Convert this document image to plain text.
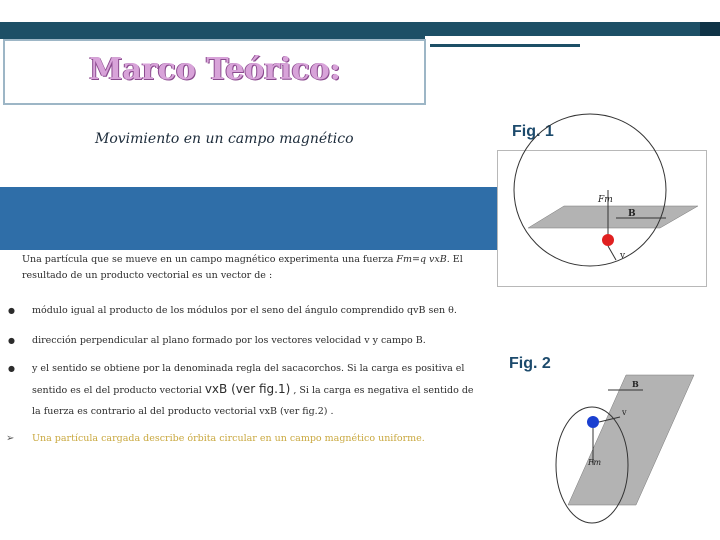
Marco Teórico:
Movimiento en un campo magnético
Una partícula que se mueve en un campo magnético experimenta una fuerza Fm=q vxB. El resultado de un producto vectorial es un vector de :
● módulo igual al producto de los módulos por el seno del ángulo comprendido qvB sen θ.
● dirección perpendicular al plano formado por los vectores velocidad v y campo B.
● y el sentido se obtiene por la denominada regla del sacacorchos. Si la carga es positiva el sentido es el del producto vectorial vxB (ver fig.1) , Si la carga es negativa el sentido de la fuerza es contrario al del producto vectorial vxB (ver fig.2) .
➢ Una partícula cargada describe órbita circular en un campo magnético uniforme.
Fig. 1
Fig. 2
Fm
B
v
Fm
B
v
